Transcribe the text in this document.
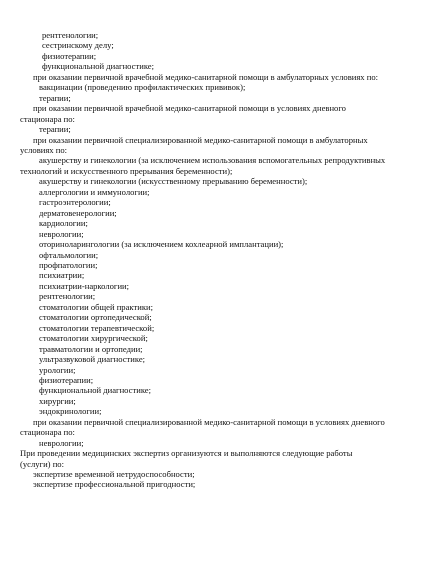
рентгенологии;
сестринскому делу;
физиотерапии;
функциональной диагностике;
при оказании первичной врачебной медико-санитарной помощи в амбулаторных условиях по:
вакцинации (проведению профилактических прививок);
терапии;
при оказании первичной врачебной медико-санитарной помощи в условиях дневного
стационара по:
терапии;
при оказании первичной специализированной медико-санитарной помощи в амбулаторных
условиях по:
акушерству и гинекологии (за исключением использования вспомогательных репродуктивных
технологий и искусственного прерывания беременности);
акушерству и гинекологии (искусственному прерыванию беременности);
аллергологии и иммунологии;
гастроэнтерологии;
дерматовенерологии;
кардиологии;
неврологии;
оториноларингологии (за исключением кохлеарной имплантации);
офтальмологии;
профпатологии;
психиатрии;
психиатрии-наркологии;
рентгенологии;
стоматологии общей практики;
стоматологии ортопедической;
стоматологии терапевтической;
стоматологии хирургической;
травматологии и ортопедии;
ультразвуковой диагностике;
урологии;
физиотерапии;
функциональной диагностике;
хирургии;
эндокринологии;
при оказании первичной специализированной медико-санитарной помощи в условиях дневного
стационара по:
неврологии;
При проведении медицинских экспертиз организуются и выполняются следующие работы
(услуги) по:
экспертизе временной нетрудоспособности;
экспертизе профессиональной пригодности;
